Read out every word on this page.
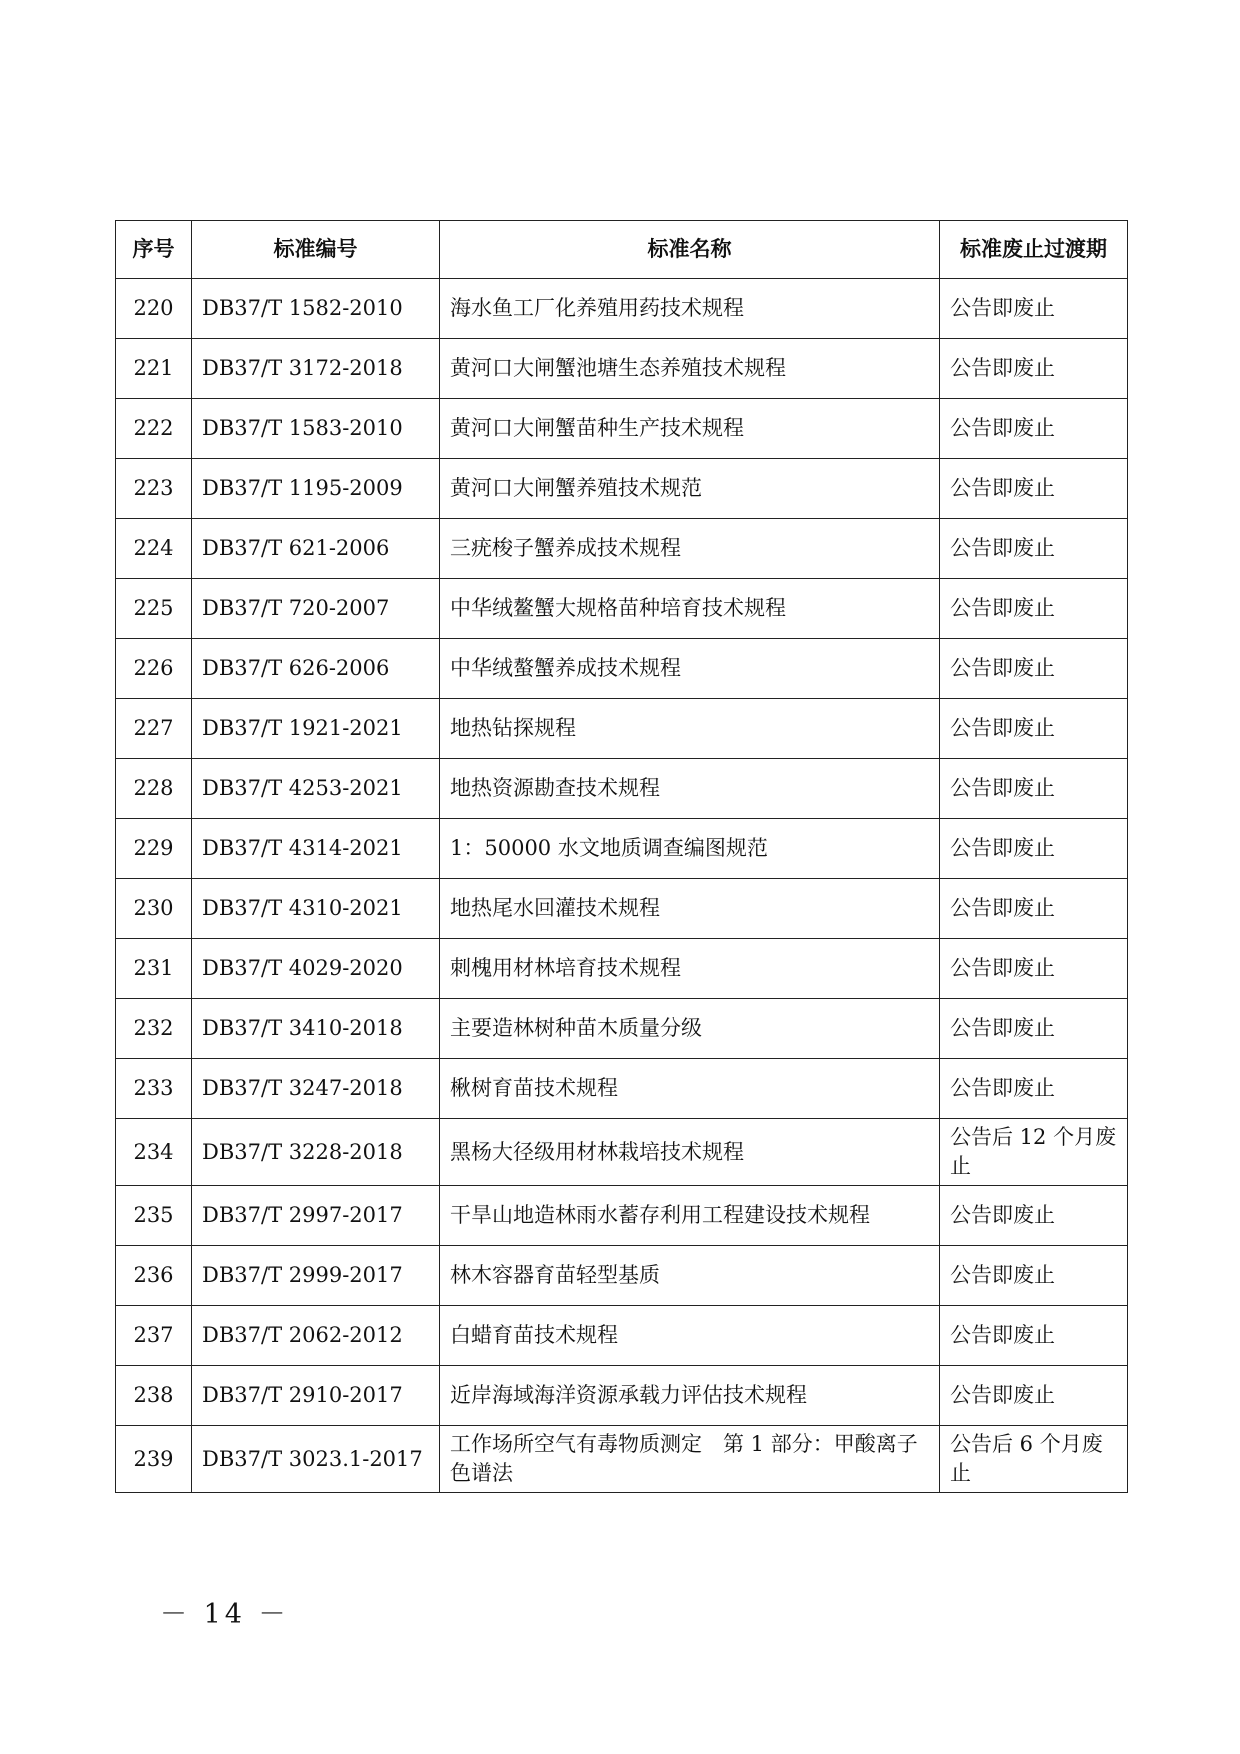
序号	标准编号	标准名称	标准废止过渡期
220	DB37/T 1582-2010	海水鱼工厂化养殖用药技术规程	公告即废止
221	DB37/T 3172-2018	黄河口大闸蟹池塘生态养殖技术规程	公告即废止
222	DB37/T 1583-2010	黄河口大闸蟹苗种生产技术规程	公告即废止
223	DB37/T 1195-2009	黄河口大闸蟹养殖技术规范	公告即废止
224	DB37/T 621-2006	三疣梭子蟹养成技术规程	公告即废止
225	DB37/T 720-2007	中华绒鳌蟹大规格苗种培育技术规程	公告即废止
226	DB37/T 626-2006	中华绒螯蟹养成技术规程	公告即废止
227	DB37/T 1921-2021	地热钻探规程	公告即废止
228	DB37/T 4253-2021	地热资源勘查技术规程	公告即废止
229	DB37/T 4314-2021	1：50000 水文地质调查编图规范	公告即废止
230	DB37/T 4310-2021	地热尾水回灌技术规程	公告即废止
231	DB37/T 4029-2020	刺槐用材林培育技术规程	公告即废止
232	DB37/T 3410-2018	主要造林树种苗木质量分级	公告即废止
233	DB37/T 3247-2018	楸树育苗技术规程	公告即废止
234	DB37/T 3228-2018	黑杨大径级用材林栽培技术规程	公告后 12 个月废止
235	DB37/T 2997-2017	干旱山地造林雨水蓄存利用工程建设技术规程	公告即废止
236	DB37/T 2999-2017	林木容器育苗轻型基质	公告即废止
237	DB37/T 2062-2012	白蜡育苗技术规程	公告即废止
238	DB37/T 2910-2017	近岸海域海洋资源承载力评估技术规程	公告即废止
239	DB37/T 3023.1-2017	工作场所空气有毒物质测定　第 1 部分：甲酸离子色谱法	公告后 6 个月废止
－ 14 －
